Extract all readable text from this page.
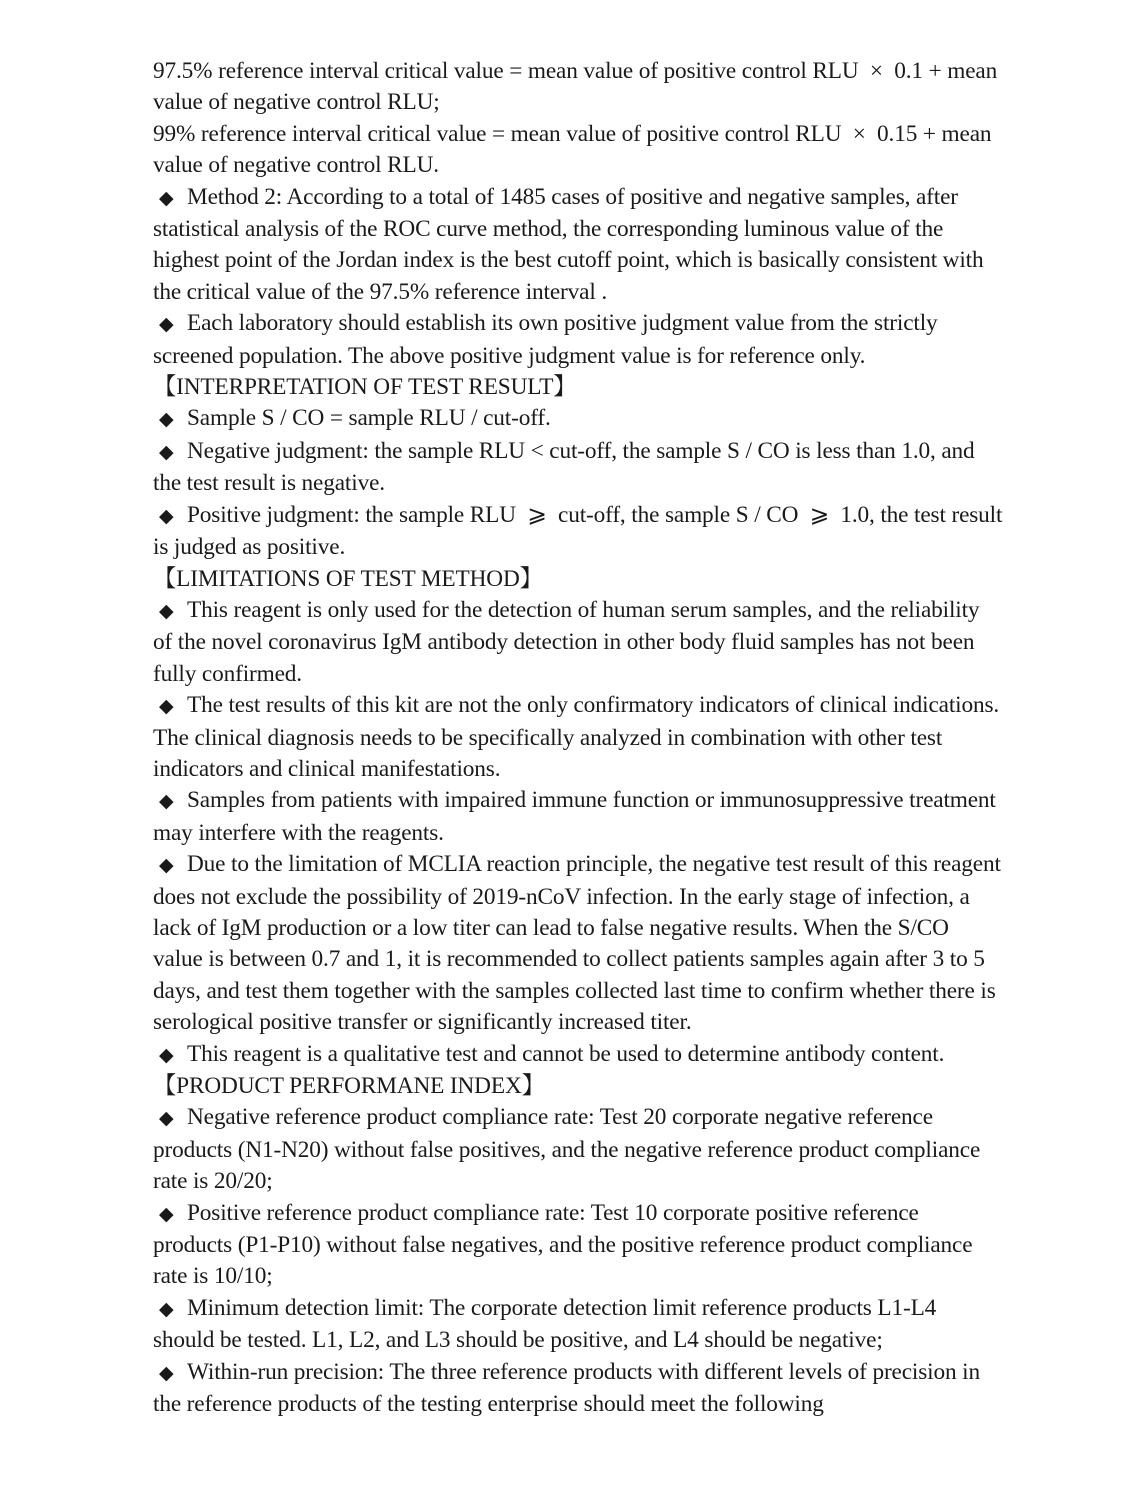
97.5% reference interval critical value = mean value of positive control RLU  ×  0.1 + mean value of negative control RLU;

99% reference interval critical value = mean value of positive control RLU  ×  0.15 + mean value of negative control RLU.

◆ Method 2: According to a total of 1485 cases of positive and negative samples, after statistical analysis of the ROC curve method, the corresponding luminous value of the highest point of the Jordan index is the best cutoff point, which is basically consistent with the critical value of the 97.5% reference interval .

◆ Each laboratory should establish its own positive judgment value from the strictly screened population. The above positive judgment value is for reference only.

【INTERPRETATION OF TEST RESULT】

◆ Sample S / CO = sample RLU / cut-off.

◆ Negative judgment: the sample RLU < cut-off, the sample S / CO is less than 1.0, and the test result is negative.

◆ Positive judgment: the sample RLU  ⩾  cut-off, the sample S / CO  ⩾  1.0, the test result is judged as positive.

【LIMITATIONS OF TEST METHOD】

◆ This reagent is only used for the detection of human serum samples, and the reliability of the novel coronavirus IgM antibody detection in other body fluid samples has not been fully confirmed.

◆ The test results of this kit are not the only confirmatory indicators of clinical indications. The clinical diagnosis needs to be specifically analyzed in combination with other test indicators and clinical manifestations.

◆ Samples from patients with impaired immune function or immunosuppressive treatment may interfere with the reagents.

◆ Due to the limitation of MCLIA reaction principle, the negative test result of this reagent does not exclude the possibility of 2019-nCoV infection. In the early stage of infection, a lack of IgM production or a low titer can lead to false negative results. When the S/CO value is between 0.7 and 1, it is recommended to collect patients samples again after 3 to 5 days, and test them together with the samples collected last time to confirm whether there is serological positive transfer or significantly increased titer.

◆ This reagent is a qualitative test and cannot be used to determine antibody content.

【PRODUCT PERFORMANE INDEX】

◆ Negative reference product compliance rate: Test 20 corporate negative reference products (N1-N20) without false positives, and the negative reference product compliance rate is 20/20;

◆ Positive reference product compliance rate: Test 10 corporate positive reference products (P1-P10) without false negatives, and the positive reference product compliance rate is 10/10;

◆ Minimum detection limit: The corporate detection limit reference products L1-L4 should be tested. L1, L2, and L3 should be positive, and L4 should be negative;

◆ Within-run precision: The three reference products with different levels of precision in the reference products of the testing enterprise should meet the following
